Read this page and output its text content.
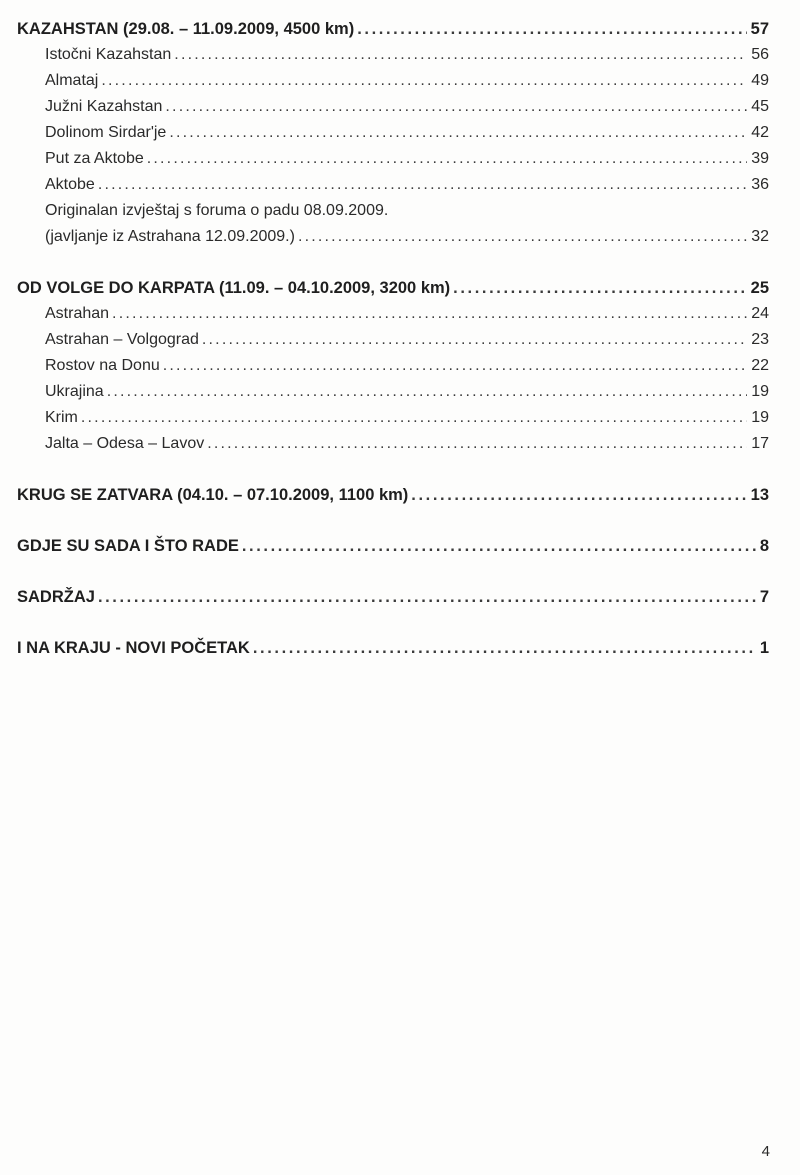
KAZAHSTAN (29.08. – 11.09.2009, 4500 km) .....	57
Istočni Kazahstan .....	56
Almataj .....	49
Južni Kazahstan .....	45
Dolinom Sirdar'je .....	42
Put za Aktobe .....	39
Aktobe .....	36
Originalan izvještaj s foruma o padu 08.09.2009.
(javljanje iz Astrahana 12.09.2009.) .....	32
OD VOLGE DO KARPATA (11.09. – 04.10.2009, 3200 km) .....	25
Astrahan .....	24
Astrahan – Volgograd .....	23
Rostov na Donu .....	22
Ukrajina .....	19
Krim .....	19
Jalta – Odesa – Lavov .....	17
KRUG SE ZATVARA (04.10. – 07.10.2009, 1100 km) .....	13
GDJE SU SADA I ŠTO RADE .....	8
SADRŽAJ .....	7
I NA KRAJU - NOVI POČETAK .....	1
4
